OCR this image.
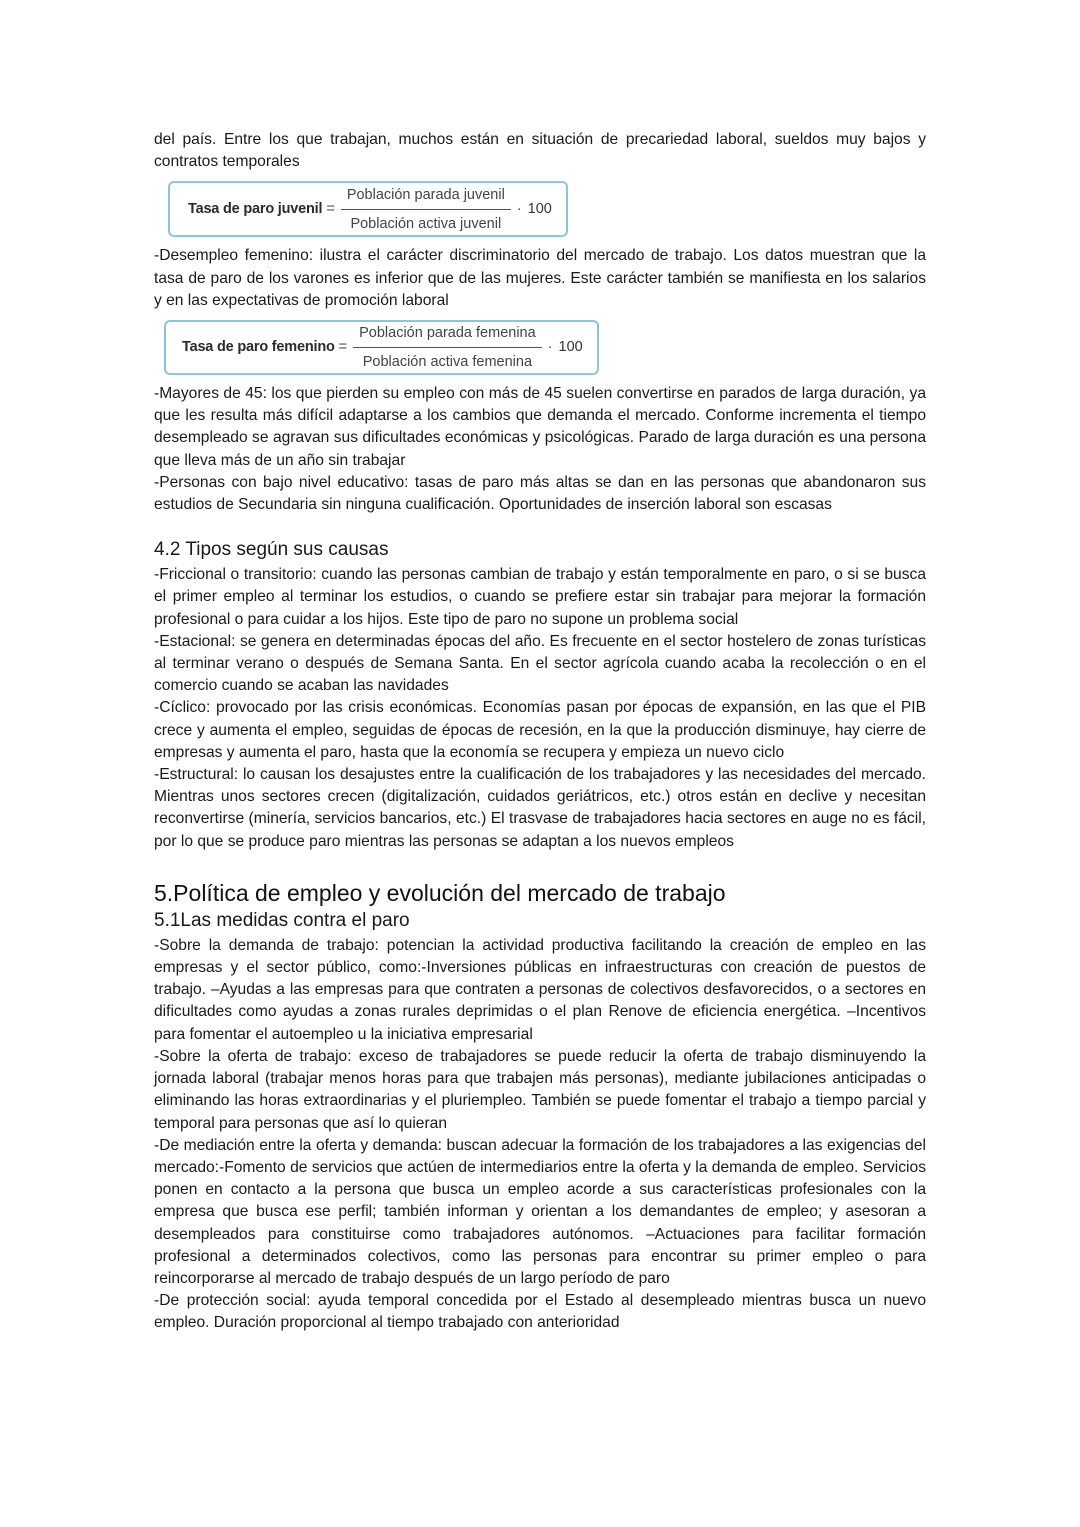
del país. Entre los que trabajan, muchos están en situación de precariedad laboral, sueldos muy bajos y contratos temporales

Tasa de paro juvenil = $\frac{\text{Población parada juvenil}}{\text{Población activa juvenil}} \cdot 100$

-Desempleo femenino: ilustra el carácter discriminatorio del mercado de trabajo. Los datos muestran que la tasa de paro de los varones es inferior que de las mujeres. Este carácter también se manifiesta en los salarios y en las expectativas de promoción laboral

Tasa de paro femenino = $\frac{\text{Población parada femenina}}{\text{Población activa femenina}} \cdot 100$

-Mayores de 45: los que pierden su empleo con más de 45 suelen convertirse en parados de larga duración, ya que les resulta más difícil adaptarse a los cambios que demanda el mercado. Conforme incrementa el tiempo desempleado se agravan sus dificultades económicas y psicológicas. Parado de larga duración es una persona que lleva más de un año sin trabajar

-Personas con bajo nivel educativo: tasas de paro más altas se dan en las personas que abandonaron sus estudios de Secundaria sin ninguna cualificación. Oportunidades de inserción laboral son escasas

4.2 Tipos según sus causas

-Friccional o transitorio: cuando las personas cambian de trabajo y están temporalmente en paro, o si se busca el primer empleo al terminar los estudios, o cuando se prefiere estar sin trabajar para mejorar la formación profesional o para cuidar a los hijos. Este tipo de paro no supone un problema social

-Estacional: se genera en determinadas épocas del año. Es frecuente en el sector hostelero de zonas turísticas al terminar verano o después de Semana Santa. En el sector agrícola cuando acaba la recolección o en el comercio cuando se acaban las navidades

-Cíclico: provocado por las crisis económicas. Economías pasan por épocas de expansión, en las que el PIB crece y aumenta el empleo, seguidas de épocas de recesión, en la que la producción disminuye, hay cierre de empresas y aumenta el paro, hasta que la economía se recupera y empieza un nuevo ciclo

-Estructural: lo causan los desajustes entre la cualificación de los trabajadores y las necesidades del mercado. Mientras unos sectores crecen (digitalización, cuidados geriátricos, etc.) otros están en declive y necesitan reconvertirse (minería, servicios bancarios, etc.) El trasvase de trabajadores hacia sectores en auge no es fácil, por lo que se produce paro mientras las personas se adaptan a los nuevos empleos

5.Política de empleo y evolución del mercado de trabajo
5.1Las medidas contra el paro

-Sobre la demanda de trabajo: potencian la actividad productiva facilitando la creación de empleo en las empresas y el sector público, como:-Inversiones públicas en infraestructuras con creación de puestos de trabajo. –Ayudas a las empresas para que contraten a personas de colectivos desfavorecidos, o a sectores en dificultades como ayudas a zonas rurales deprimidas o el plan Renove de eficiencia energética. –Incentivos para fomentar el autoempleo u la iniciativa empresarial

-Sobre la oferta de trabajo: exceso de trabajadores se puede reducir la oferta de trabajo disminuyendo la jornada laboral (trabajar menos horas para que trabajen más personas), mediante jubilaciones anticipadas o eliminando las horas extraordinarias y el pluriempleo. También se puede fomentar el trabajo a tiempo parcial y temporal para personas que así lo quieran

-De mediación entre la oferta y demanda: buscan adecuar la formación de los trabajadores a las exigencias del mercado:-Fomento de servicios que actúen de intermediarios entre la oferta y la demanda de empleo. Servicios ponen en contacto a la persona que busca un empleo acorde a sus características profesionales con la empresa que busca ese perfil; también informan y orientan a los demandantes de empleo; y asesoran a desempleados para constituirse como trabajadores autónomos. –Actuaciones para facilitar formación profesional a determinados colectivos, como las personas para encontrar su primer empleo o para reincorporarse al mercado de trabajo después de un largo período de paro

-De protección social: ayuda temporal concedida por el Estado al desempleado mientras busca un nuevo empleo. Duración proporcional al tiempo trabajado con anterioridad
